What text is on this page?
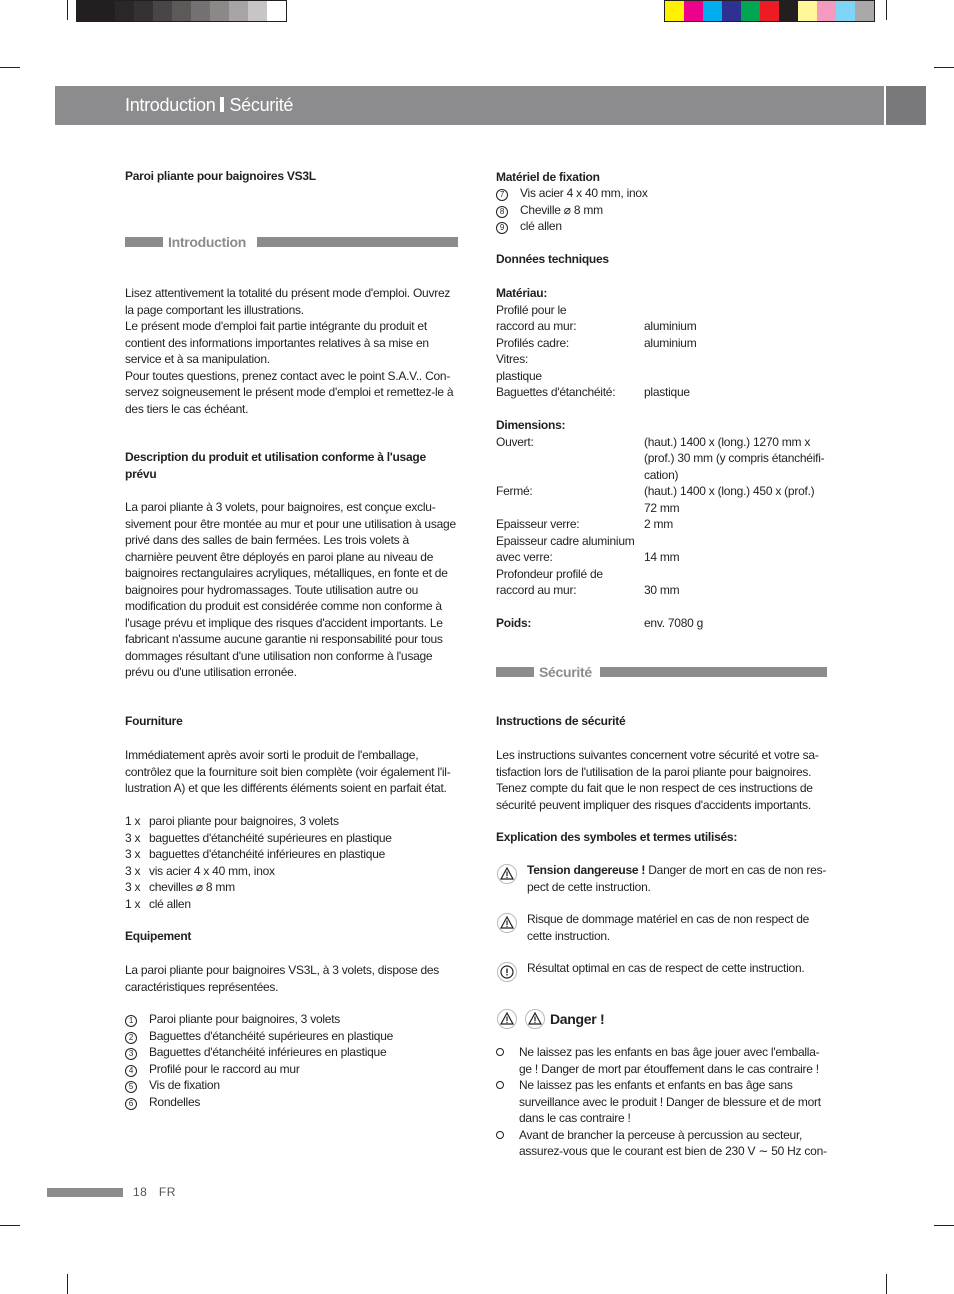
Introduction Sécurité
Paroi pliante pour baignoires VS3L
Introduction

Lisez attentivement la totalité du présent mode d'emploi. Ouvrez la page comportant les illustrations.
Le présent mode d'emploi fait partie intégrante du produit et contient des informations importantes relatives à sa mise en service et à sa manipulation.
Pour toutes questions, prenez contact avec le point S.A.V.. Con-servez soigneusement le présent mode d'emploi et remettez-le à des tiers le cas échéant.

Description du produit et utilisation conforme à l'usage prévu

La paroi pliante à 3 volets, pour baignoires, est conçue exclu-sivement pour être montée au mur et pour une utilisation à usage privé dans des salles de bain fermées. Les trois volets à charnière peuvent être déployés en paroi plane au niveau de baignoires rectangulaires acryliques, métalliques, en fonte et de baignoires pour hydromassages. Toute utilisation autre ou modification du produit est considérée comme non conforme à l'usage prévu et implique des risques d'accident importants. Le fabricant n'assume aucune garantie ni responsabilité pour tous dommages résultant d'une utilisation non conforme à l'usage prévu ou d'une utilisation erronée.

Fourniture

Immédiatement après avoir sorti le produit de l'emballage, contrôlez que la fourniture soit bien complète (voir également l'il-lustration A) et que les différents éléments soient en parfait état.

1 x paroi pliante pour baignoires, 3 volets
3 x baguettes d'étanchéité supérieures en plastique
3 x baguettes d'étanchéité inférieures en plastique
3 x vis acier 4 x 40 mm, inox
3 x chevilles ⌀ 8 mm
1 x clé allen
Equipement

La paroi pliante pour baignoires VS3L, à 3 volets, dispose des caractéristiques représentées.

1	Paroi pliante pour baignoires, 3 volets
2	Baguettes d'étanchéité supérieures en plastique
3	Baguettes d'étanchéité inférieures en plastique
4	Profilé pour le raccord au mur
5	Vis de fixation
6	Rondelles
Matériel de fixation
7	Vis acier 4 x 40 mm, inox
8	Cheville ⌀ 8 mm
9	clé allen
Données techniques
Matériau:
Profilé pour le
raccord au mur:	aluminium
Profilés cadre:	aluminium
Vitres:
plastique
Baguettes d'étanchéité:	plastique
Dimensions:
Ouvert:	(haut.) 1400 x (long.) 1270 mm x (prof.) 30 mm (y compris étanchéifi-cation)
Fermé:	(haut.) 1400 x (long.) 450 x (prof.) 72 mm
Epaisseur verre:	2 mm
Epaisseur cadre aluminium
avec verre:	14 mm
Profondeur profilé de
raccord au mur:	30 mm
Poids:	env. 7080 g
Sécurité
Instructions de sécurité

Les instructions suivantes concernent votre sécurité et votre sa-tisfaction lors de l'utilisation de la paroi pliante pour baignoires. Tenez compte du fait que le non respect de ces instructions de sécurité peuvent impliquer des risques d'accidents importants.

Explication des symboles et termes utilisés:
Tension dangereuse ! Danger de mort en cas de non res-pect de cette instruction.
Risque de dommage matériel en cas de non respect de cette instruction.
Résultat optimal en cas de respect de cette instruction.
Danger !
Ne laissez pas les enfants en bas âge jouer avec l'emballa-ge ! Danger de mort par étouffement dans le cas contraire !
Ne laissez pas les enfants et enfants en bas âge sans surveillance avec le produit ! Danger de blessure et de mort dans le cas contraire !
Avant de brancher la perceuse à percussion au secteur, assurez-vous que le courant est bien de 230 V ∼ 50 Hz con-
18 FR
